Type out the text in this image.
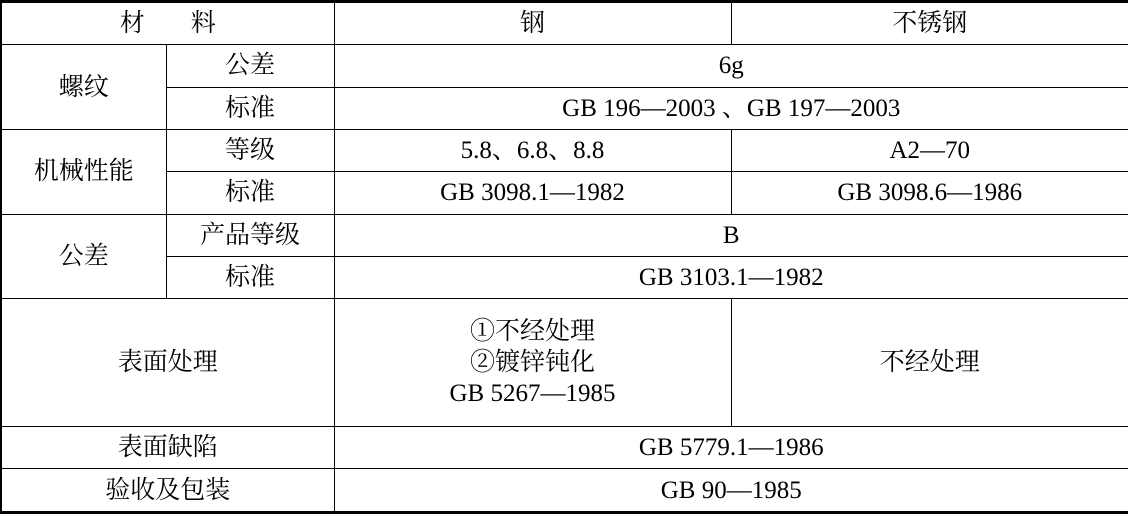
材 料		钢	不锈钢
螺纹	公差	6g	
	标准	GB 196—2003 、GB 197—2003	
机械性能	等级	5.8、6.8、8.8	A2—70
	标准	GB 3098.1—1982	GB 3098.6—1986
公差	产品等级	B	
	标准	GB 3103.1—1982	
表面处理		①不经处理
②镀锌钝化
GB 5267—1985	不经处理
表面缺陷		GB 5779.1—1986	
验收及包装		GB 90—1985	
